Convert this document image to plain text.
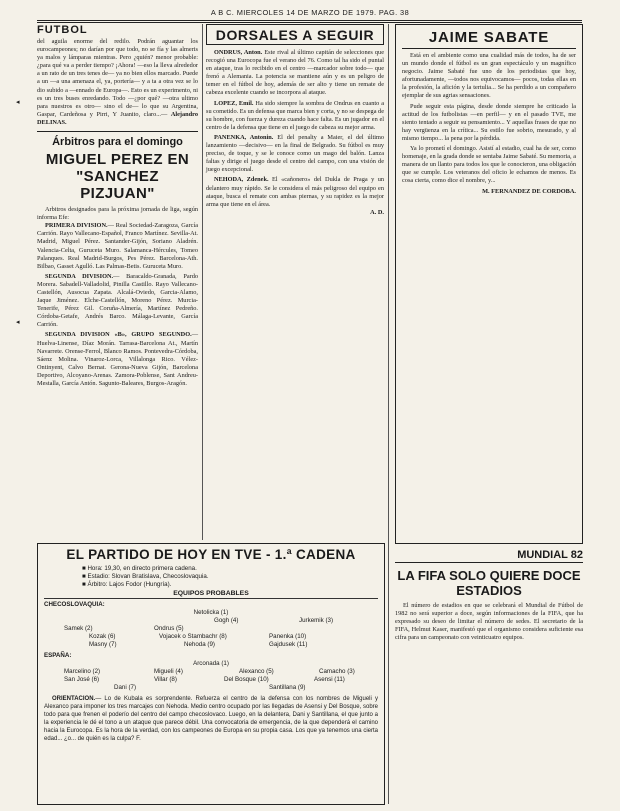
A B C. MIERCOLES 14 DE MARZO DE 1979. PAG. 38
FUTBOL

del aguila enorme del redilo. Podrán aguantar los eurocampeones; no darían por que todo, no se fía y las almeris ya malos y lámparas mientras. Pero ¿quién? menor probable: ¿para qué va a perder tiempo? ¡Ahora! —eso la lleva alrededor a un rato de un tres tenes de— ya no bien ellos marcado. Puede a un —a una amenaza el, ya, portería— y a ta a otra vez se lo dio subido a —ennado de Europa—. Esto es un experimento, ni es un tres buses enredando. Todo —¿por qué? —otra ultimo para nuestros es otro— sino el de— lo que su Argentina, Gaspar, Cardeñosa y Pirri, Y Juanito, claro...— Alejandro DELINAS.

Árbitros para el domingo
MIGUEL PEREZ EN "SANCHEZ PIZJUAN"

Arbitros designados para la próxima jornada de liga, según informa Efe:

PRIMERA DIVISION.— Real Sociedad-Zaragoza, García Carrión. Rayo Vallecano-Español, Franco Martínez. Sevilla-At. Madrid, Miguel Pérez. Santander-Gijón, Soriano Aladrén. Valencia-Celta, Guruceta Muro. Salamanca-Hércules, Tomeo Palanques. Real Madrid-Burgos, Pes Pérez. Barcelona-Ath. Bilbao, Gasset Agulló. Las Palmas-Betis. Guruceta Muro.

SEGUNDA DIVISION.— Baracaldo-Granada, Pardo Morera. Sabadell-Valladolid, Pinilla Castillo. Rayo Vallecano-Castellón, Ausocua Zapata. Alcalá-Oviedo, Garcia-Alamo, Jaque Jiménez. Elche-Castellón, Moreno Pérez. Murcia-Tenerife, Pérez Gil. Coruña-Almería, Martínez Pedreño. Córdoba-Getafe, Andrés Barco. Málaga-Levante, García Carrión.

SEGUNDA DIVISION «B», GRUPO SEGUNDO.— Huelva-Linense, Díaz Morán. Tarrasa-Barcelona At., Martín Navarrete. Orense-Ferrol, Blanco Ramos. Pontevedra-Córdoba, Sáenz Molina. Vinaroz-Lorca, Villalonga Rico. Vélez-Ontinyent, Calvo Bernat. Gerona-Nueva Gijón, Barcelona Deportivo, Alcoyano-Arenas. Zamora-Poblense, Sant Andreu-Mestalla, García Antón. Sagunto-Baleares, Burgos-Aragón.

DORSALES A SEGUIR

ONDRUS, Anton. Este rival al último capitán de selecciones que recogió una Eurocopa fue el verano del 76. Como tal ha sido el puntal en ataque, tras lo recibido en el centro —marcador sobre todo— que frenó a Alemania. La potencia se mantiene aún y es un peligro de temer en el fútbol de hoy, además de ser alto y tiene un remate de cabeza excelente cuando se incorpora al ataque.

LOPEZ, Emil. Ha sido siempre la sombra de Ondrus en cuanto a su cometido. Es un defensa que marca bien y corta, y no se despega de su hombre, con fuerza y dureza cuando hace falta. Es un jugador en el centro de la defensa que tiene en el juego de cabeza su mejor arma.

PANENKA, Antonin. El del penalty a Maier, el del último lanzamiento —decisivo— en la final de Belgrado. Su fútbol es muy preciso, de toque, y se le conoce como un mago del balón. Lanza faltas y dirige el juego desde el centro del campo, con una visión de juego excepcional.

NEHODA, Zdenek. El «cañonero» del Dukla de Praga y un delantero muy rápido. Se le considera el más peligroso del equipo en ataque, busca el remate con ambas piernas, y su rapidez es la mejor arma que tiene en el área.

A. D.

EL PARTIDO DE HOY EN TVE - 1.ª CADENA
■ Hora: 19,30, en directo primera cadena.
■ Estadio: Slovan Bratislava, Checoslovaquia.
■ Árbitro: Lajos Fodor (Hungría).
EQUIPOS PROBABLES
CHECOSLOVAQUIA:
Netolicka (1)
Gogh (4)	Jurkemik (3)
Samek (2)	Ondrus (5)
Kozak (6)	Vojacek o Stambachr (8)	Panenka (10)
Masny (7)	Nehoda (9)	Gajdusek (11)
ESPAÑA:
Arconada (1)
Marcelino (2)	Migueli (4)	Alexanco (5)	Camacho (3)
San José (6)	Villar (8)	Del Bosque (10)	Asensi (11)
Dani (7)	Santillana (9)

ORIENTACION.— Lo de Kubala es sorprendente. Refuerza el centro de la defensa con los nombres de Migueli y Alexanco para imponer los tres marcajes con Nehoda. Medio centro ocupado por las llegadas de Asensi y Del Bosque, sobre todo para que frenen el poderío del centro del campo checoslovaco. Luego, en la delantera, Dani y Santillana, el que junto a la experiencia le dé el tono a un ataque que parece débil. Una convocatoria de emergencia, de la que dependerá el camino hacia la Eurocopa. Es la hora de la verdad, con los campeones de Europa en su propia casa. Los que ya tenemos una cierta edad... ¿o... de quién es la culpa? F.

JAIME SABATE

Está en el ambiente como una cualidad más de todos, ha de ser un mundo donde el fútbol es un gran espectáculo y un magnífico negocio. Jaime Sabaté fue uno de los periodistas que hoy, afortunadamente, —todos nos equivocamos— pocos, todas ellas en la profesión, la afición y la tertulia... Se ha perdido a un compañero ejemplar de sus agrias sensaciones.

Pude seguir esta página, desde donde siempre he criticado la actitud de los futbolistas —en perfil— y en el pasado TVE, me siento tentado a seguir su pensamiento... Y aquellas frases de que no hay vergüenza en la crítica... Su estilo fue sobrio, mesurado, y al mismo tiempo... la pena por la pérdida.

Ya lo prometí el domingo. Asistí al estadio, cual ha de ser, como homenaje, en la grada donde se sentaba Jaime Sabaté. Su memoria, a manera de un llanto para todos los que le conocieron, una obligación que se cumple. Los veteranos del oficio le echamos de menos. Es cosa cierta, como dice el nombre, y...

M. FERNANDEZ DE CORDOBA.

MUNDIAL 82
LA FIFA SOLO QUIERE DOCE ESTADIOS

El número de estadios en que se celebrará el Mundial de Fútbol de 1982 no será superior a doce, según informaciones de la FIFA, que ha expresado su deseo de limitar el número de sedes. El secretario de la FIFA, Helmut Kaser, manifestó que el organismo considera suficiente esa cifra para un campeonato con veinticuatro equipos.

◂
◂
